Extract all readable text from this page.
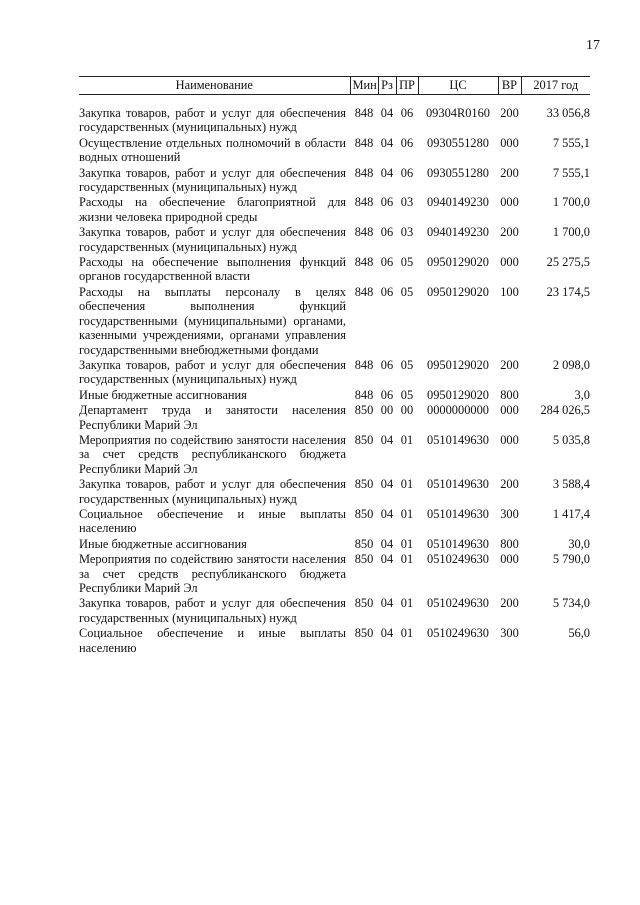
17
Наименование	Мин	Рз	ПР	ЦС	ВР	2017 год

Закупка товаров, работ и услуг для обеспечения государственных (муниципальных) нужд	848	04	06	09304R0160	200	33 056,8
Осуществление отдельных полномочий в области водных отношений	848	04	06	0930551280	000	7 555,1
Закупка товаров, работ и услуг для обеспечения государственных (муниципальных) нужд	848	04	06	0930551280	200	7 555,1
Расходы на обеспечение благоприятной для жизни человека природной среды	848	06	03	0940149230	000	1 700,0
Закупка товаров, работ и услуг для обеспечения государственных (муниципальных) нужд	848	06	03	0940149230	200	1 700,0
Расходы на обеспечение выполнения функций органов государственной власти	848	06	05	0950129020	000	25 275,5
Расходы на выплаты персоналу в целях обеспечения выполнения функций государственными (муниципальными) органами, казенными учреждениями, органами управления государственными внебюджетными фондами	848	06	05	0950129020	100	23 174,5
Закупка товаров, работ и услуг для обеспечения государственных (муниципальных) нужд	848	06	05	0950129020	200	2 098,0
Иные бюджетные ассигнования	848	06	05	0950129020	800	3,0
Департамент труда и занятости населения Республики Марий Эл	850	00	00	0000000000	000	284 026,5
Мероприятия по содействию занятости населения за счет средств республиканского бюджета Республики Марий Эл	850	04	01	0510149630	000	5 035,8
Закупка товаров, работ и услуг для обеспечения государственных (муниципальных) нужд	850	04	01	0510149630	200	3 588,4
Социальное обеспечение и иные выплаты населению	850	04	01	0510149630	300	1 417,4
Иные бюджетные ассигнования	850	04	01	0510149630	800	30,0
Мероприятия по содействию занятости населения за счет средств республиканского бюджета Республики Марий Эл	850	04	01	0510249630	000	5 790,0
Закупка товаров, работ и услуг для обеспечения государственных (муниципальных) нужд	850	04	01	0510249630	200	5 734,0
Социальное обеспечение и иные выплаты населению	850	04	01	0510249630	300	56,0
